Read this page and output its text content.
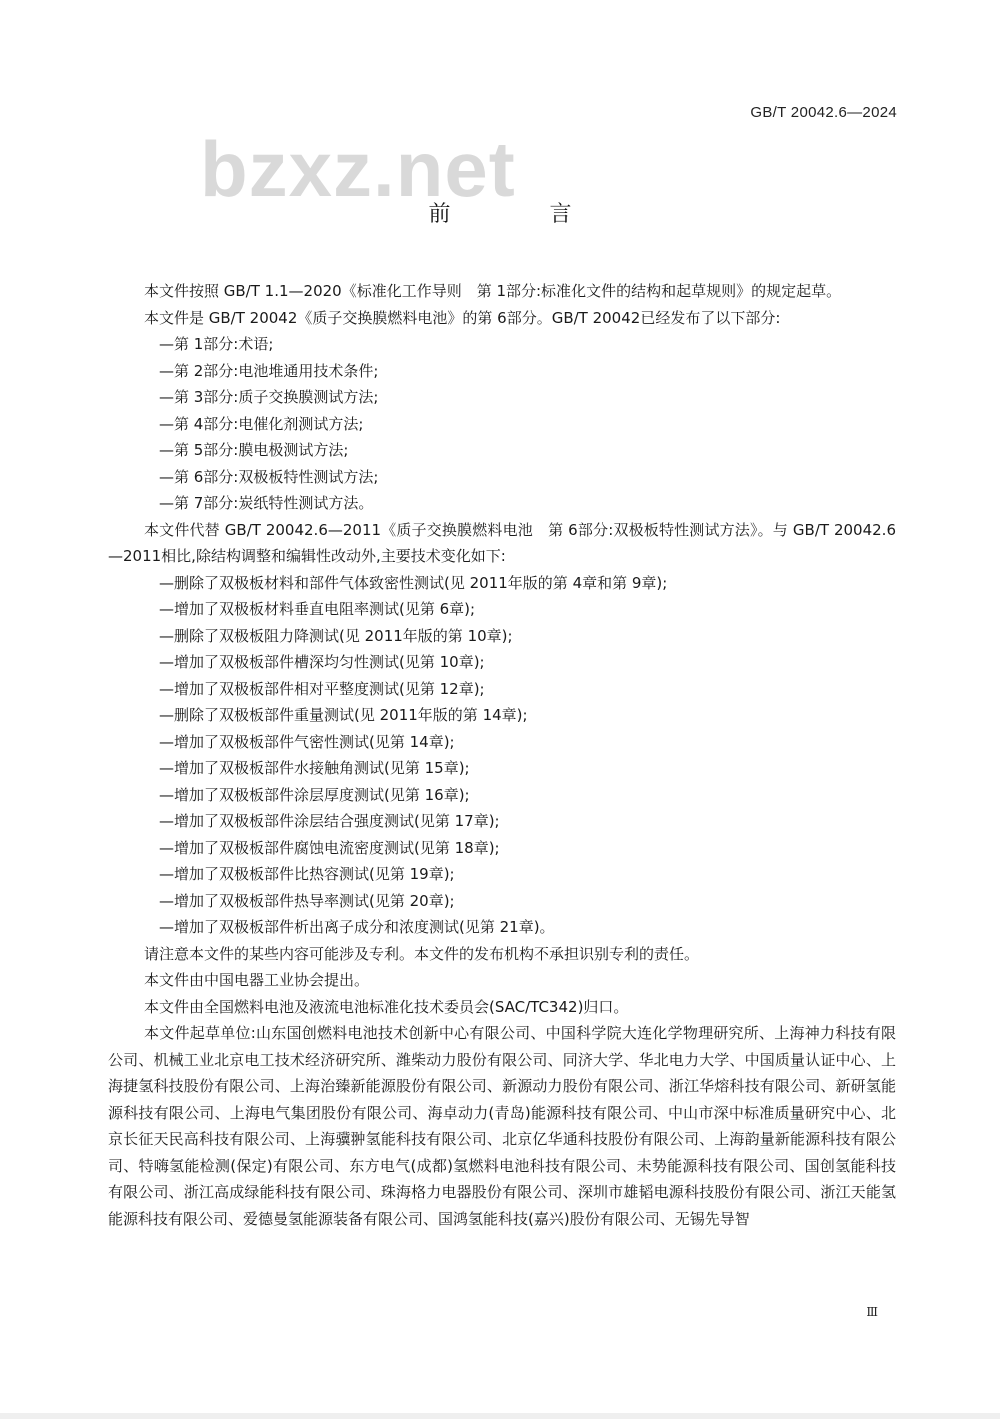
GB/T 20042.6—2024
bzxz.net
前 言

本文件按照 GB/T 1.1—2020《标准化工作导则　第 1部分:标准化文件的结构和起草规则》的规定起草。

本文件是 GB/T 20042《质子交换膜燃料电池》的第 6部分。GB/T 20042已经发布了以下部分:

—第 1部分:术语;

—第 2部分:电池堆通用技术条件;

—第 3部分:质子交换膜测试方法;

—第 4部分:电催化剂测试方法;

—第 5部分:膜电极测试方法;

—第 6部分:双极板特性测试方法;

—第 7部分:炭纸特性测试方法。

本文件代替 GB/T 20042.6—2011《质子交换膜燃料电池　第 6部分:双极板特性测试方法》。与 GB/T 20042.6—2011相比,除结构调整和编辑性改动外,主要技术变化如下:

—删除了双极板材料和部件气体致密性测试(见 2011年版的第 4章和第 9章);

—增加了双极板材料垂直电阻率测试(见第 6章);

—删除了双极板阻力降测试(见 2011年版的第 10章);

—增加了双极板部件槽深均匀性测试(见第 10章);

—增加了双极板部件相对平整度测试(见第 12章);

—删除了双极板部件重量测试(见 2011年版的第 14章);

—增加了双极板部件气密性测试(见第 14章);

—增加了双极板部件水接触角测试(见第 15章);

—增加了双极板部件涂层厚度测试(见第 16章);

—增加了双极板部件涂层结合强度测试(见第 17章);

—增加了双极板部件腐蚀电流密度测试(见第 18章);

—增加了双极板部件比热容测试(见第 19章);

—增加了双极板部件热导率测试(见第 20章);

—增加了双极板部件析出离子成分和浓度测试(见第 21章)。

请注意本文件的某些内容可能涉及专利。本文件的发布机构不承担识别专利的责任。

本文件由中国电器工业协会提出。

本文件由全国燃料电池及液流电池标准化技术委员会(SAC/TC342)归口。

本文件起草单位:山东国创燃料电池技术创新中心有限公司、中国科学院大连化学物理研究所、上海神力科技有限公司、机械工业北京电工技术经济研究所、潍柴动力股份有限公司、同济大学、华北电力大学、中国质量认证中心、上海捷氢科技股份有限公司、上海治臻新能源股份有限公司、新源动力股份有限公司、浙江华熔科技有限公司、新研氢能源科技有限公司、上海电气集团股份有限公司、海卓动力(青岛)能源科技有限公司、中山市深中标准质量研究中心、北京长征天民高科技有限公司、上海骥翀氢能科技有限公司、北京亿华通科技股份有限公司、上海韵量新能源科技有限公司、特嗨氢能检测(保定)有限公司、东方电气(成都)氢燃料电池科技有限公司、未势能源科技有限公司、国创氢能科技有限公司、浙江高成绿能科技有限公司、珠海格力电器股份有限公司、深圳市雄韬电源科技股份有限公司、浙江天能氢能源科技有限公司、爱德曼氢能源装备有限公司、国鸿氢能科技(嘉兴)股份有限公司、无锡先导智

Ⅲ
